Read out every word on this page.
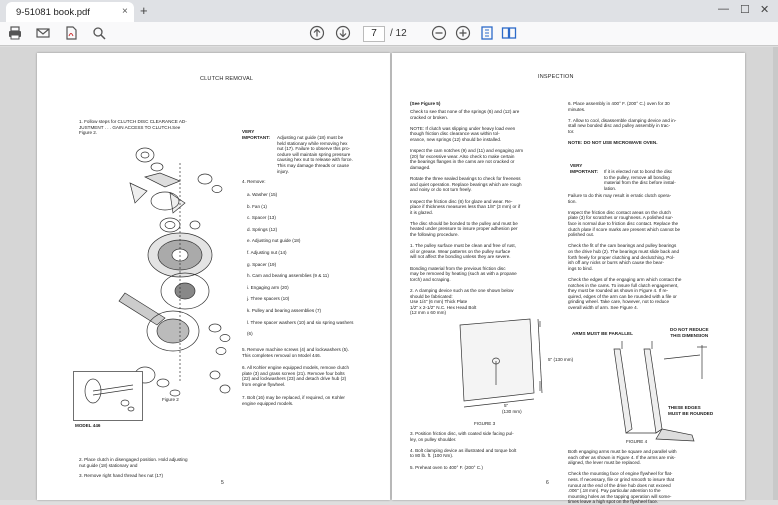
9-51081 book.pdf	× +	— ☐ ✕
7	/ 12
CLUTCH REMOVAL
1. Follow steps for CLUTCH DISC CLEARANCE AD-
JUSTMENT . . . GAIN ACCESS TO CLUTCH.See
Figure 2.	VERY
IMPORTANT: Adjusting nut guide (18) must be
held stationary while removing hex
nut (17). Failure to observe this pro-
cedure will maintain spring pressure
causing hex nut to release with force.
This may damage threads or cause
injury.
4. Remove:
a. Washer (15)
b. Fan (1)
c. Spacer (13)
d. Springs (12)
e. Adjusting nut guide (18)
f. Adjusting nut (14)
g. Spacer (19)
h. Cam and bearing assemblies (9 & 11)
i. Engaging arm (20)
j. Three spacers (10)
k. Pulley and bearing assemblies (7)
l. Three spacer washers (10) and six spring washers
(6)
5. Remove machine screws (4) and lockwashers (5).
This completes removal on Model 446.
6. All Kohler engine equipped models, remove clutch
plate (3) and grass screen (21). Remove four bolts
(22) and lockwashers (23) and detach drive hub (2)
from engine flywheel.
7. Bolt (16) may be replaced, if required, on Kohler
engine equipped models.
Figure 2
MODEL 446
2. Place clutch in disengaged position. Hold adjusting
nut guide (18) stationary and
3. Remove right hand thread hex nut (17)
5
INSPECTION
(See Figure 5)
Check to see that none of the springs (6) and (12) are
cracked or broken.

NOTE: If clutch was slipping under heavy load even
though friction disc clearance was within tol-
erance, new springs (12) should be installed.

Inspect the cam notches (9) and (11) and engaging arm
(20) for excessive wear. Also check to make certain
the bearings flanges in the cams are not cracked or
damaged.

Rotate the three sealed bearings to check for freeness
and quiet operation. Replace bearings which are rough
and noisy or do not turn freely.

Inspect the friction disc (8) for glaze and wear. Re-
place if thickness measures less than 1/8" (3 mm) or if
it is glazed.

The disc should be bonded to the pulley and must be
heated under pressure to insure proper adhesion per
the following procedure.

1. The pulley surface must be clean and free of rust,
oil or grease. Wear patterns on the pulley surface
will not affect the bonding unless they are severe.

Bonding material from the previous friction disc
may be removed by heating (such as with a propane
torch) and scraping.

2. A clamping device such as the one shown below
should be fabricated:
Use 1/4" (6 mm) Thick Plate
1/2" x 2-1/2" N.C. Hex Head Bolt
(12 mm x 60 mm)
5" (130 mm)
5"
(130 mm)
FIGURE 3
3. Position friction disc, with coated side facing pul-
ley, on pulley shoulder.

4. Bolt clamping device as illustrated and torque bolt
to 80 lb. ft. (100 Nm).

5. Preheat oven to 400° F. (200° C.)
6
6. Place assembly in 400° F. (200° C.) oven for 30
minutes.

7. Allow to cool, disassemble clamping device and in-
stall new bonded disc and pulley assembly in trac-
tor.

NOTE: DO NOT USE MICROWAVE OVEN.
VERY
IMPORTANT: If it is elected not to bond the disc
to the pulley, remove all bonding
material from the disc before instal-
lation.
Failure to do this may result in erratic clutch opera-
tion.

Inspect the friction disc contact areas on the clutch
plate (3) for scratches or roughness. A polished sur-
face is normal due to friction disc contact. Replace the
clutch plate if score marks are present which cannot be
polished out.

Check the fit of the cam bearings and pulley bearings
on the drive hub (2). The bearings must slide back and
forth freely for proper clutching and declutching. Pol-
ish off any nicks or burrs which cause the bear-
ings to bind.

Check the edges of the engaging arm which contact the
notches in the cams. To insure full clutch engagement,
they must be rounded as shown in Figure 4. If re-
quired, edges of the arm can be rounded with a file or
grinding wheel. Take care, however, not to reduce
overall width of arm. See Figure 4.
ARMS MUST BE PARALLEL
DO NOT REDUCE
THIS DIMENSION
THESE EDGES
MUST BE ROUNDED
FIGURE 4
Both engaging arms must be square and parallel with
each other as shown in Figure 4. If the arms are mis-
aligned, the lever must be replaced.

Check the mounting face of engine flywheel for flat-
ness. If necessary, file or grind smooth to insure that
runout at the end of the drive hub does not exceed
.006" (.18 mm). Pay particular attention to the
mounting holes as the tapping operation will some-
times leave a high spot on the flywheel face.
